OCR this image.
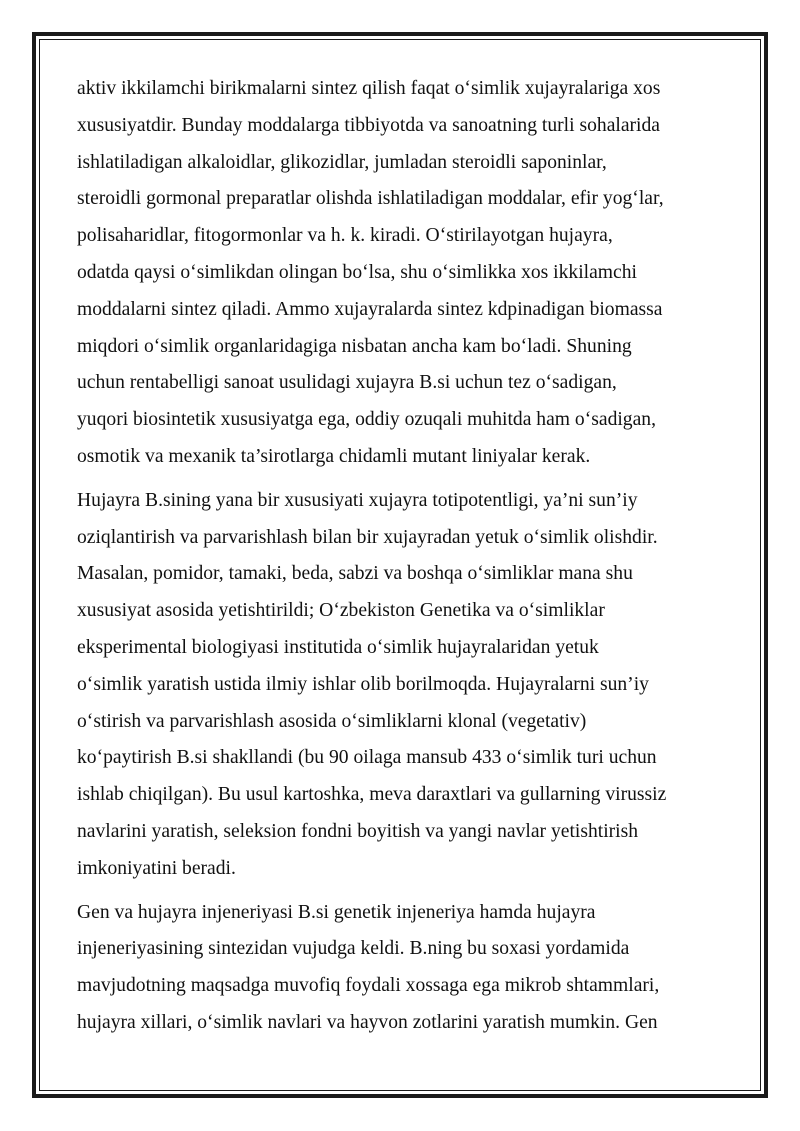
aktiv ikkilamchi birikmalarni sintez qilish faqat oʻsimlik xujayralariga xos
xususiyatdir. Bunday moddalarga tibbiyotda va sanoatning turli sohalarida
ishlatiladigan alkaloidlar, glikozidlar, jumladan steroidli saponinlar,
steroidli gormonal preparatlar olishda ishlatiladigan moddalar, efir yogʻlar,
polisaharidlar, fitogormonlar va h. k. kiradi. Oʻstirilayotgan hujayra,
odatda qaysi oʻsimlikdan olingan boʻlsa, shu oʻsimlikka xos ikkilamchi
moddalarni sintez qiladi. Ammo xujayralarda sintez kdpinadigan biomassa
miqdori oʻsimlik organlaridagiga nisbatan ancha kam boʻladi. Shuning
uchun rentabelligi sanoat usulidagi xujayra B.si uchun tez oʻsadigan,
yuqori biosintetik xususiyatga ega, oddiy ozuqali muhitda ham oʻsadigan,
osmotik va mexanik ta’sirotlarga chidamli mutant liniyalar kerak.

Hujayra B.sining yana bir xususiyati xujayra totipotentligi, ya’ni sun’iy
oziqlantirish va parvarishlash bilan bir xujayradan yetuk oʻsimlik olishdir.
Masalan, pomidor, tamaki, beda, sabzi va boshqa oʻsimliklar mana shu
xususiyat asosida yetishtirildi; Oʻzbekiston Genetika va oʻsimliklar
eksperimental biologiyasi institutida oʻsimlik hujayralaridan yetuk
oʻsimlik yaratish ustida ilmiy ishlar olib borilmoqda. Hujayralarni sun’iy
oʻstirish va parvarishlash asosida oʻsimliklarni klonal (vegetativ)
koʻpaytirish B.si shakllandi (bu 90 oilaga mansub 433 oʻsimlik turi uchun
ishlab chiqilgan). Bu usul kartoshka, meva daraxtlari va gullarning virussiz
navlarini yaratish, seleksion fondni boyitish va yangi navlar yetishtirish
imkoniyatini beradi.

Gen va hujayra injeneriyasi B.si genetik injeneriya hamda hujayra
injeneriyasining sintezidan vujudga keldi. B.ning bu soxasi yordamida
mavjudotning maqsadga muvofiq foydali xossaga ega mikrob shtammlari,
hujayra xillari, oʻsimlik navlari va hayvon zotlarini yaratish mumkin. Gen
